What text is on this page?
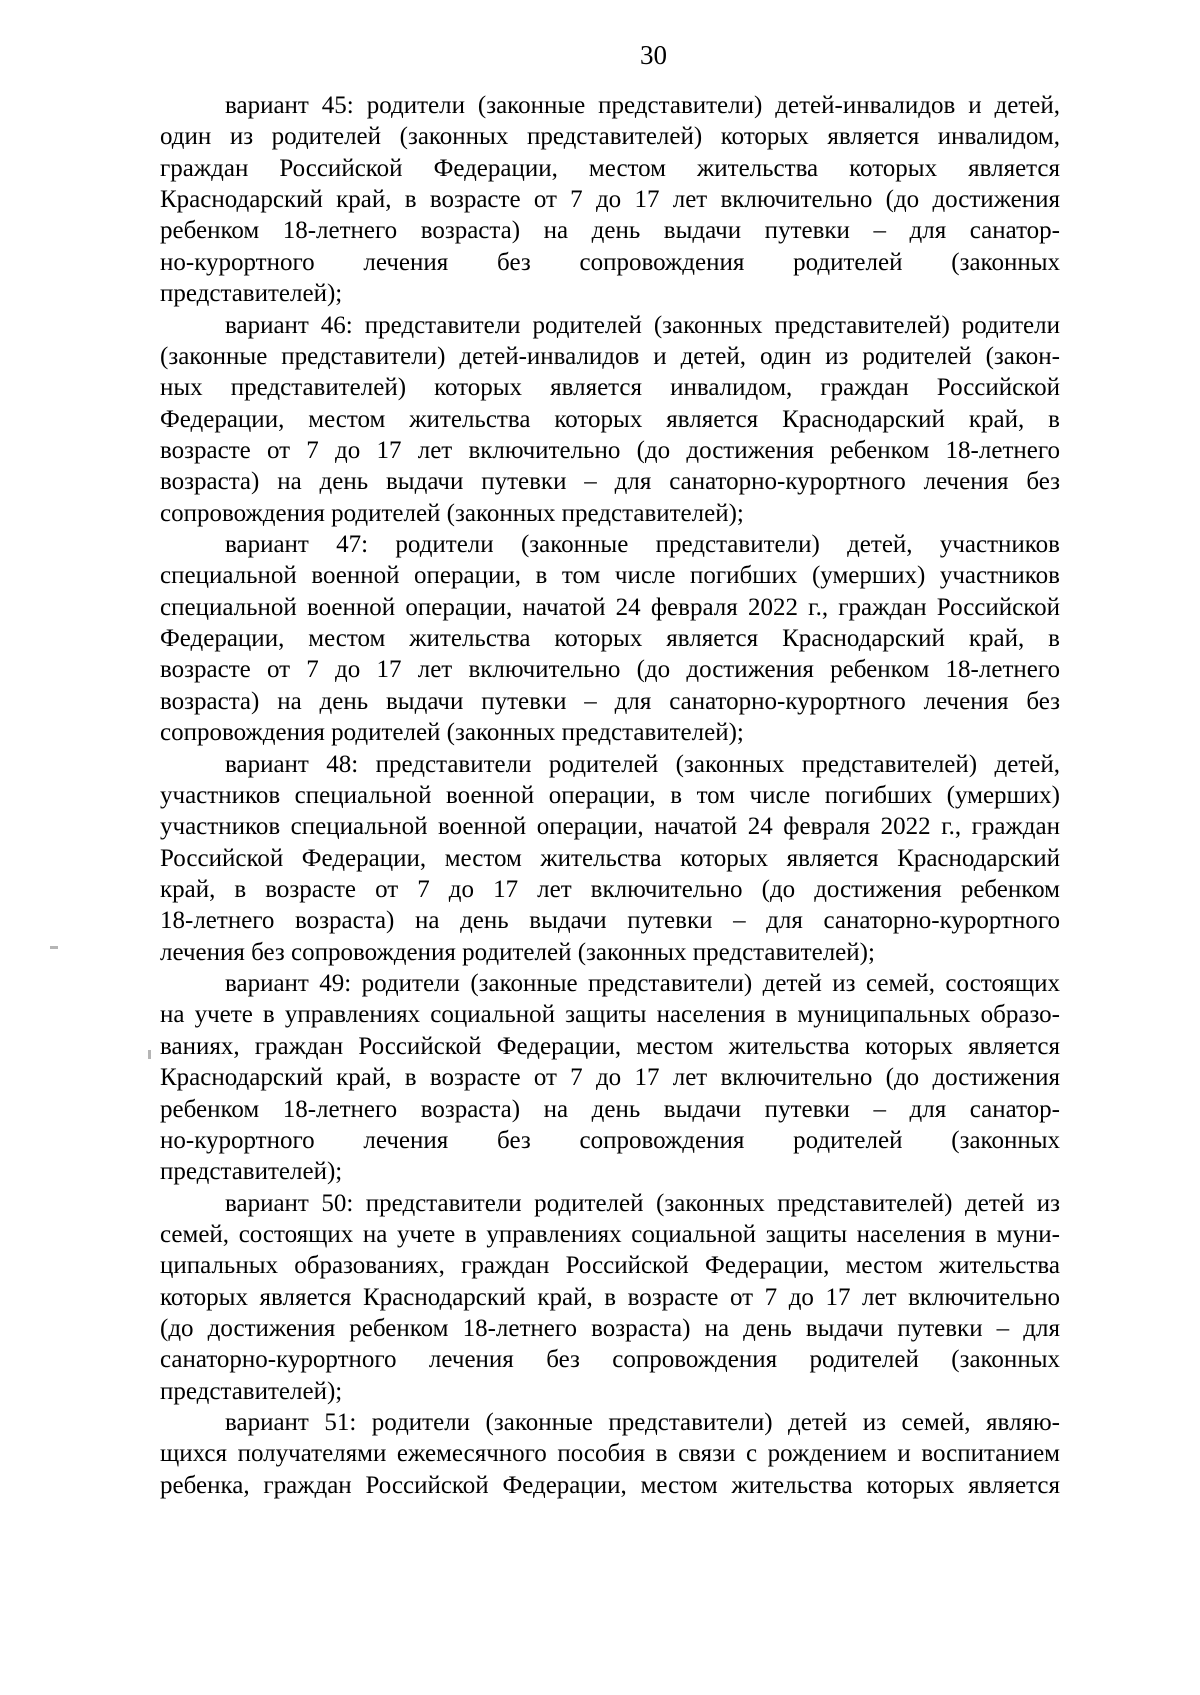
30
вариант 45: родители (законные представители) детей-инвалидов и детей,
один из родителей (законных представителей) которых является инвалидом,
граждан Российской Федерации, местом жительства которых является
Краснодарский край, в возрасте от 7 до 17 лет включительно (до достижения
ребенком 18-летнего возраста) на день выдачи путевки – для санатор-
но-курортного лечения без сопровождения родителей (законных
представителей);
вариант 46: представители родителей (законных представителей) родители
(законные представители) детей-инвалидов и детей, один из родителей (закон-
ных представителей) которых является инвалидом, граждан Российской
Федерации, местом жительства которых является Краснодарский край, в
возрасте от 7 до 17 лет включительно (до достижения ребенком 18-летнего
возраста) на день выдачи путевки – для санаторно-курортного лечения без
сопровождения родителей (законных представителей);
вариант 47: родители (законные представители) детей, участников
специальной военной операции, в том числе погибших (умерших) участников
специальной военной операции, начатой 24 февраля 2022 г., граждан Российской
Федерации, местом жительства которых является Краснодарский край, в
возрасте от 7 до 17 лет включительно (до достижения ребенком 18-летнего
возраста) на день выдачи путевки – для санаторно-курортного лечения без
сопровождения родителей (законных представителей);
вариант 48: представители родителей (законных представителей) детей,
участников специальной военной операции, в том числе погибших (умерших)
участников специальной военной операции, начатой 24 февраля 2022 г., граждан
Российской Федерации, местом жительства которых является Краснодарский
край, в возрасте от 7 до 17 лет включительно (до достижения ребенком
18-летнего возраста) на день выдачи путевки – для санаторно-курортного
лечения без сопровождения родителей (законных представителей);
вариант 49: родители (законные представители) детей из семей, состоящих
на учете в управлениях социальной защиты населения в муниципальных образо-
ваниях, граждан Российской Федерации, местом жительства которых является
Краснодарский край, в возрасте от 7 до 17 лет включительно (до достижения
ребенком 18-летнего возраста) на день выдачи путевки – для санатор-
но-курортного лечения без сопровождения родителей (законных
представителей);
вариант 50: представители родителей (законных представителей) детей из
семей, состоящих на учете в управлениях социальной защиты населения в муни-
ципальных образованиях, граждан Российской Федерации, местом жительства
которых является Краснодарский край, в возрасте от 7 до 17 лет включительно
(до достижения ребенком 18-летнего возраста) на день выдачи путевки – для
санаторно-курортного лечения без сопровождения родителей (законных
представителей);
вариант 51: родители (законные представители) детей из семей, являю-
щихся получателями ежемесячного пособия в связи с рождением и воспитанием
ребенка, граждан Российской Федерации, местом жительства которых является
